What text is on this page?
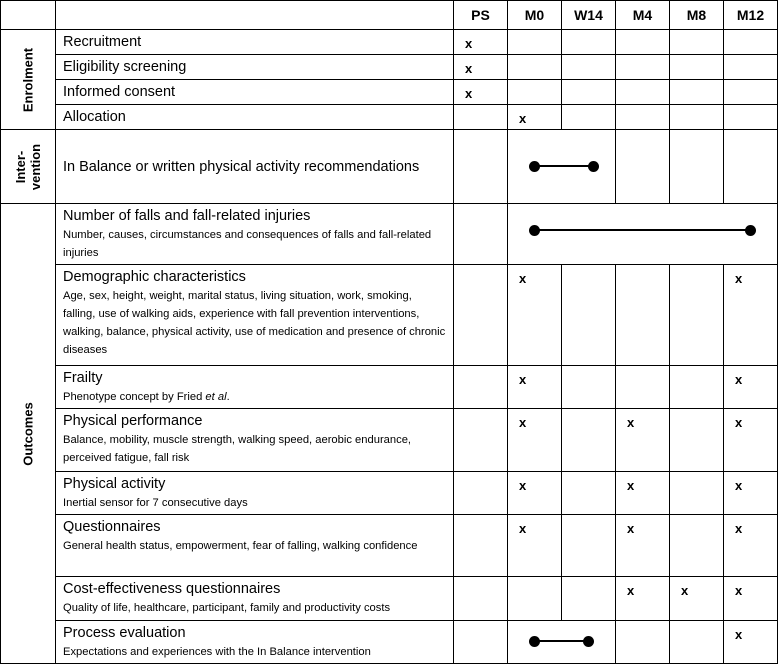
		PS	M0	W14	M4	M8	M12

Enrolment	Recruitment	x					

	Eligibility screening	x					

	Informed consent	x					

	Allocation		x				

Inter-
vention	In Balance or written physical activity recommendations						

Outcomes	Number of falls and fall-related injuries
Number, causes, circumstances and consequences of falls and fall-related injuries						

	Demographic characteristics
Age, sex, height, weight, marital status, living situation, work, smoking, falling, use of walking aids, experience with fall prevention interventions, walking, balance, physical activity, use of medication and presence of chronic diseases		x				x

	Frailty
Phenotype concept by Fried et al.		x				x

	Physical performance
Balance, mobility, muscle strength, walking speed, aerobic endurance, perceived fatigue, fall risk		x		x		x

	Physical activity
Inertial sensor for 7 consecutive days		x		x		x

	Questionnaires
General health status, empowerment, fear of falling, walking confidence		x		x		x

	Cost-effectiveness questionnaires
Quality of life, healthcare, participant, family and productivity costs				x	x	x

	Process evaluation
Expectations and experiences with the In Balance intervention						x
